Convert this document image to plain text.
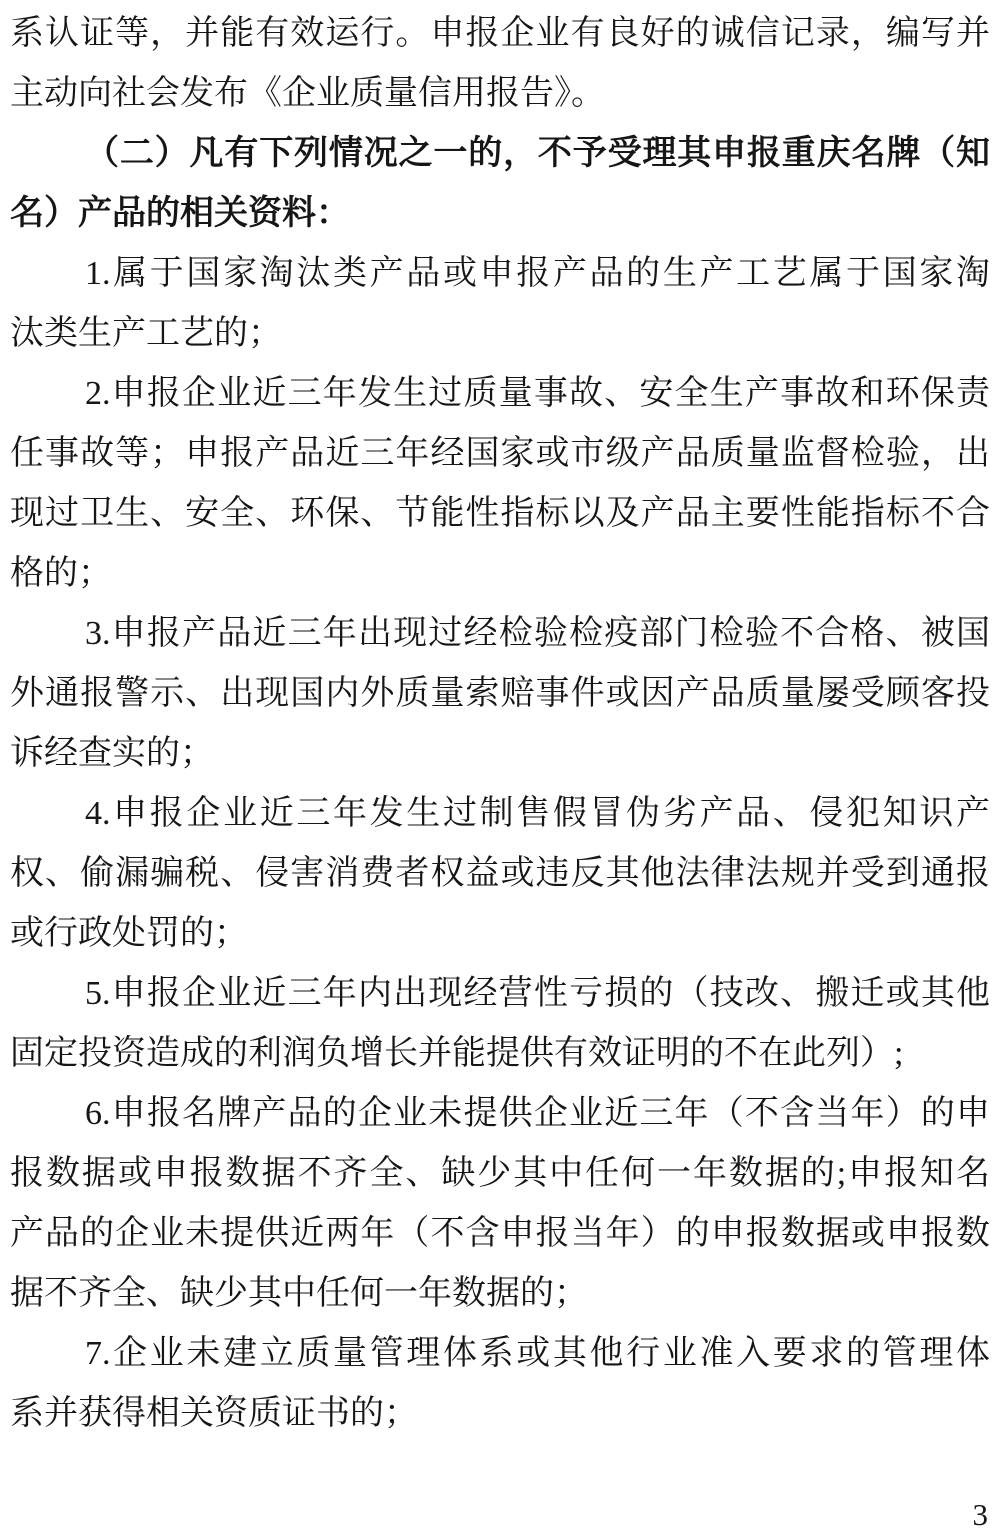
系认证等，并能有效运行。申报企业有良好的诚信记录，编写并
主动向社会发布《企业质量信用报告》。
（二）凡有下列情况之一的，不予受理其申报重庆名牌（知
名）产品的相关资料：
1.属于国家淘汰类产品或申报产品的生产工艺属于国家淘
汰类生产工艺的；
2.申报企业近三年发生过质量事故、安全生产事故和环保责
任事故等；申报产品近三年经国家或市级产品质量监督检验，出
现过卫生、安全、环保、节能性指标以及产品主要性能指标不合
格的；
3.申报产品近三年出现过经检验检疫部门检验不合格、被国
外通报警示、出现国内外质量索赔事件或因产品质量屡受顾客投
诉经查实的；
4.申报企业近三年发生过制售假冒伪劣产品、侵犯知识产
权、偷漏骗税、侵害消费者权益或违反其他法律法规并受到通报
或行政处罚的；
5.申报企业近三年内出现经营性亏损的（技改、搬迁或其他
固定投资造成的利润负增长并能提供有效证明的不在此列）;
6.申报名牌产品的企业未提供企业近三年（不含当年）的申
报数据或申报数据不齐全、缺少其中任何一年数据的;申报知名
产品的企业未提供近两年（不含申报当年）的申报数据或申报数
据不齐全、缺少其中任何一年数据的；
7.企业未建立质量管理体系或其他行业准入要求的管理体
系并获得相关资质证书的；
3
